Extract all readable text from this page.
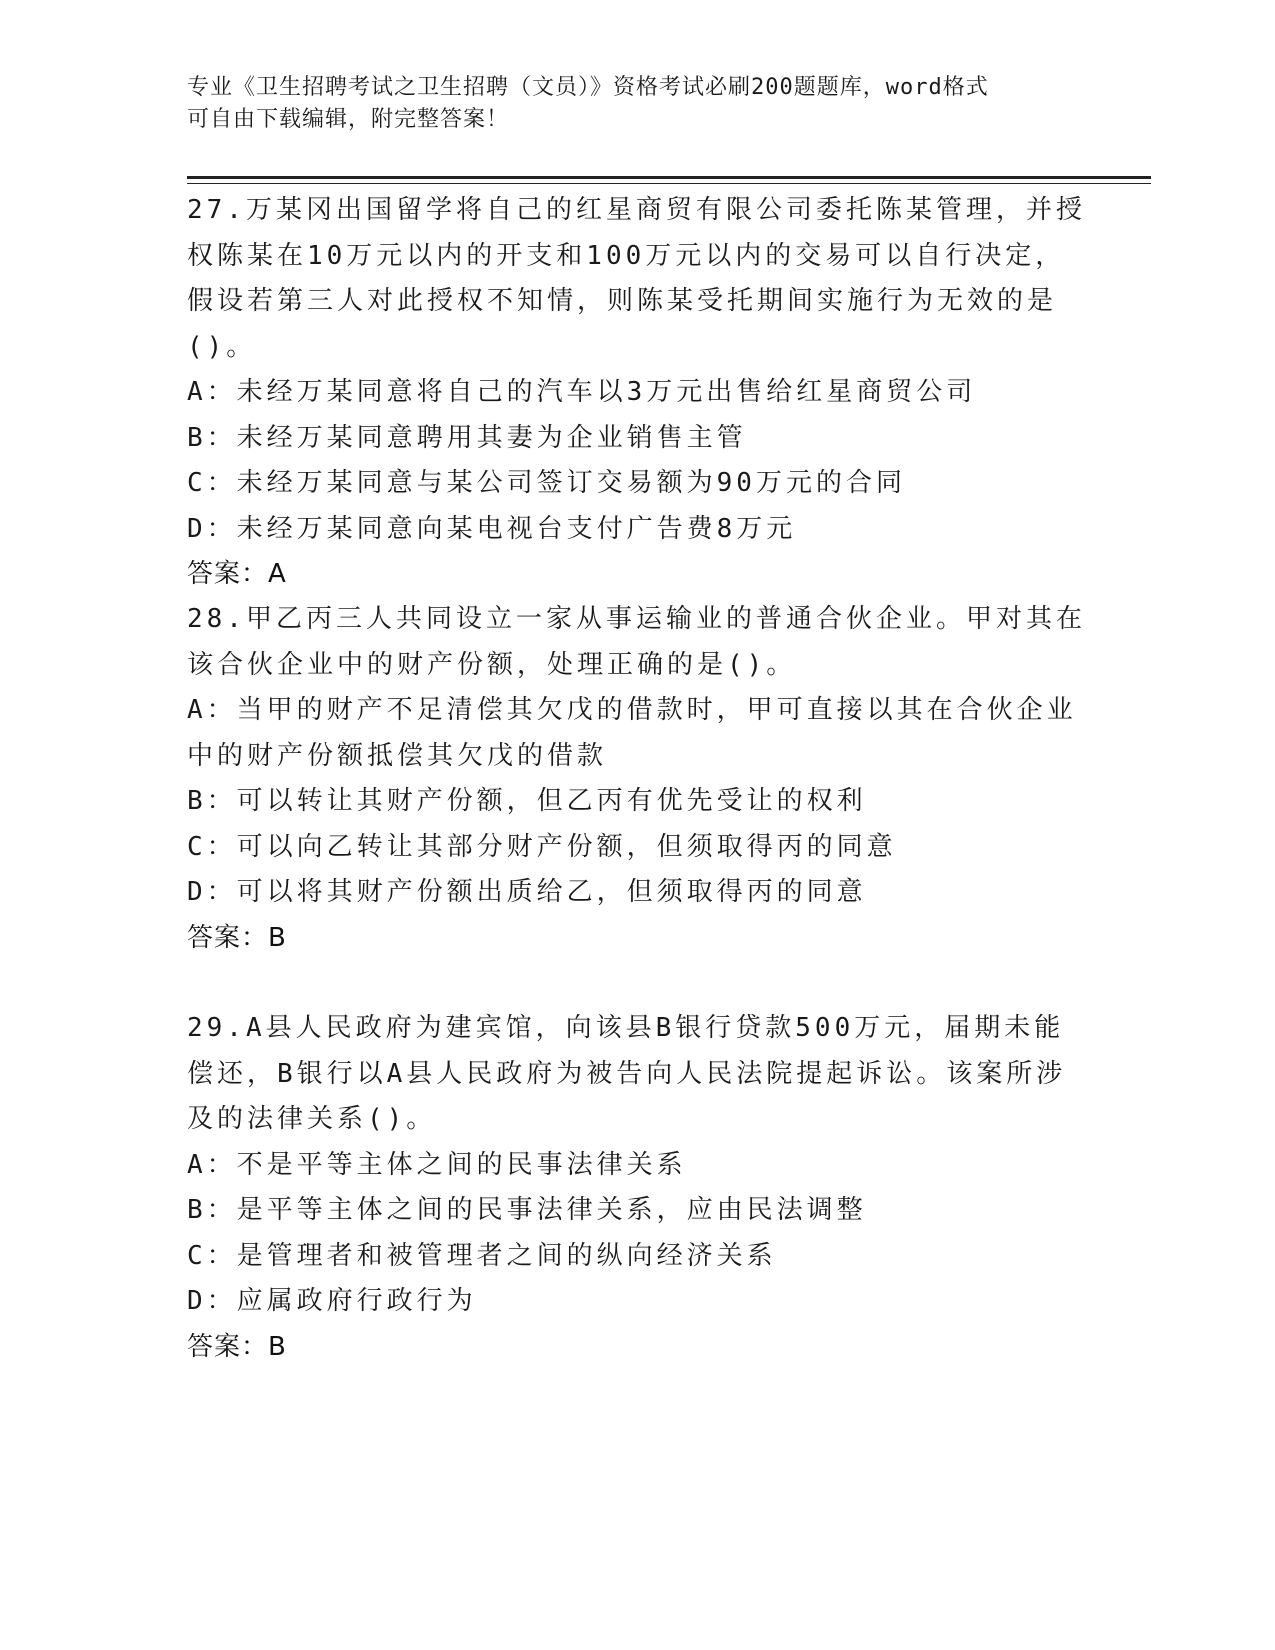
专业《卫生招聘考试之卫生招聘（文员）》资格考试必刷200题题库，word格式
可自由下载编辑，附完整答案！

27.万某冈出国留学将自己的红星商贸有限公司委托陈某管理，并授权陈某在10万元以内的开支和100万元以内的交易可以自行决定，假设若第三人对此授权不知情，则陈某受托期间实施行为无效的是()。

A：未经万某同意将自己的汽车以3万元出售给红星商贸公司

B：未经万某同意聘用其妻为企业销售主管

C：未经万某同意与某公司签订交易额为90万元的合同

D：未经万某同意向某电视台支付广告费8万元

答案：A

28.甲乙丙三人共同设立一家从事运输业的普通合伙企业。甲对其在该合伙企业中的财产份额，处理正确的是()。

A：当甲的财产不足清偿其欠戊的借款时，甲可直接以其在合伙企业中的财产份额抵偿其欠戊的借款

B：可以转让其财产份额，但乙丙有优先受让的权利

C：可以向乙转让其部分财产份额，但须取得丙的同意

D：可以将其财产份额出质给乙，但须取得丙的同意

答案：B

29.A县人民政府为建宾馆，向该县B银行贷款500万元，届期未能偿还，B银行以A县人民政府为被告向人民法院提起诉讼。该案所涉及的法律关系()。

A：不是平等主体之间的民事法律关系

B：是平等主体之间的民事法律关系，应由民法调整

C：是管理者和被管理者之间的纵向经济关系

D：应属政府行政行为

答案：B
